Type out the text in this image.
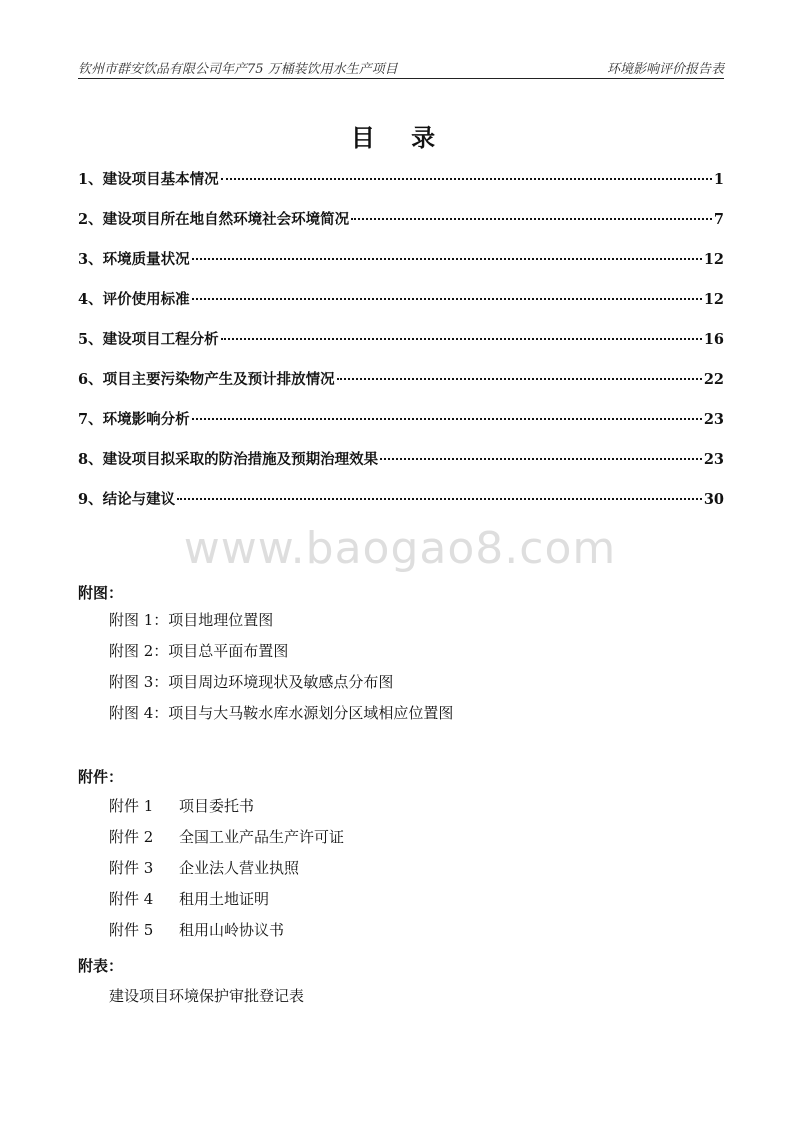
钦州市群安饮品有限公司年产75 万桶装饮用水生产项目	环境影响评价报告表
目 录
1、建设项目基本情况	1
2、建设项目所在地自然环境社会环境简况	7
3、环境质量状况	12
4、评价使用标准	12
5、建设项目工程分析	16
6、项目主要污染物产生及预计排放情况	22
7、环境影响分析	23
8、建设项目拟采取的防治措施及预期治理效果	23
9、结论与建议	30
www.baogao8.com
附图：
附图 1：项目地理位置图
附图 2：项目总平面布置图
附图 3：项目周边环境现状及敏感点分布图
附图 4：项目与大马鞍水库水源划分区域相应位置图
附件：
附件 1 项目委托书
附件 2 全国工业产品生产许可证
附件 3 企业法人营业执照
附件 4 租用土地证明
附件 5 租用山岭协议书
附表：
建设项目环境保护审批登记表
